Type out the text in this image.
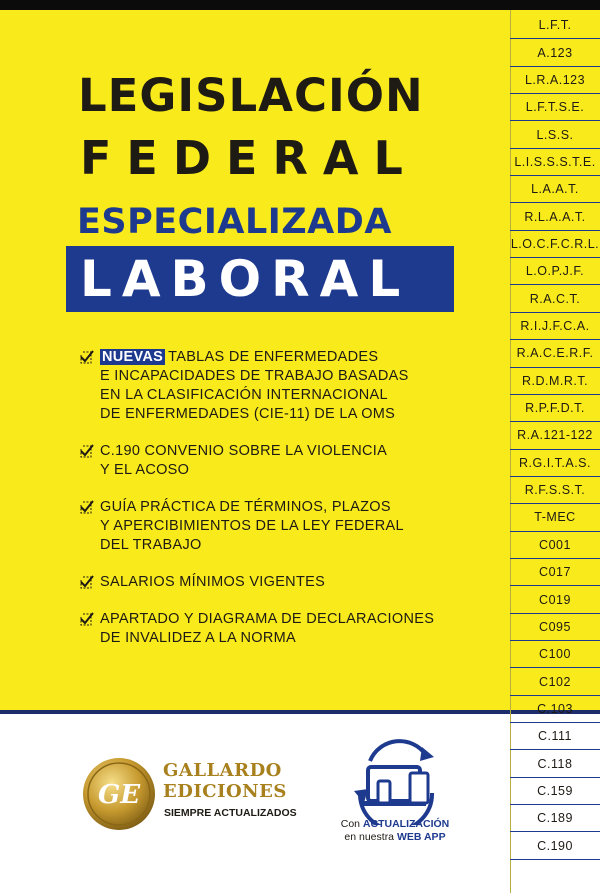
LEGISLACIÓN
FEDERAL
ESPECIALIZADA
LABORAL
NUEVAS TABLAS DE ENFERMEDADES
E INCAPACIDADES DE TRABAJO BASADAS
EN LA CLASIFICACIÓN INTERNACIONAL
DE ENFERMEDADES (CIE-11) DE LA OMS
C.190 CONVENIO SOBRE LA VIOLENCIA
Y EL ACOSO
GUÍA PRÁCTICA DE TÉRMINOS, PLAZOS
Y APERCIBIMIENTOS DE LA LEY FEDERAL
DEL TRABAJO
SALARIOS MÍNIMOS VIGENTES
APARTADO Y DIAGRAMA DE DECLARACIONES
DE INVALIDEZ A LA NORMA
L.F.T.
A.123
L.R.A.123
L.F.T.S.E.
L.S.S.
L.I.S.S.S.T.E.
L.A.A.T.
R.L.A.A.T.
L.O.C.F.C.R.L.
L.O.P.J.F.
R.A.C.T.
R.I.J.F.C.A.
R.A.C.E.R.F.
R.D.M.R.T.
R.P.F.D.T.
R.A.121-122
R.G.I.T.A.S.
R.F.S.S.T.
T-MEC
C001
C017
C019
C095
C100
C102
C.103
C.111
C.118
C.159
C.189
C.190
GE
GALLARDO
EDICIONES
SIEMPRE ACTUALIZADOS
Con ACTUALIZACIÓN
en nuestra WEB APP
